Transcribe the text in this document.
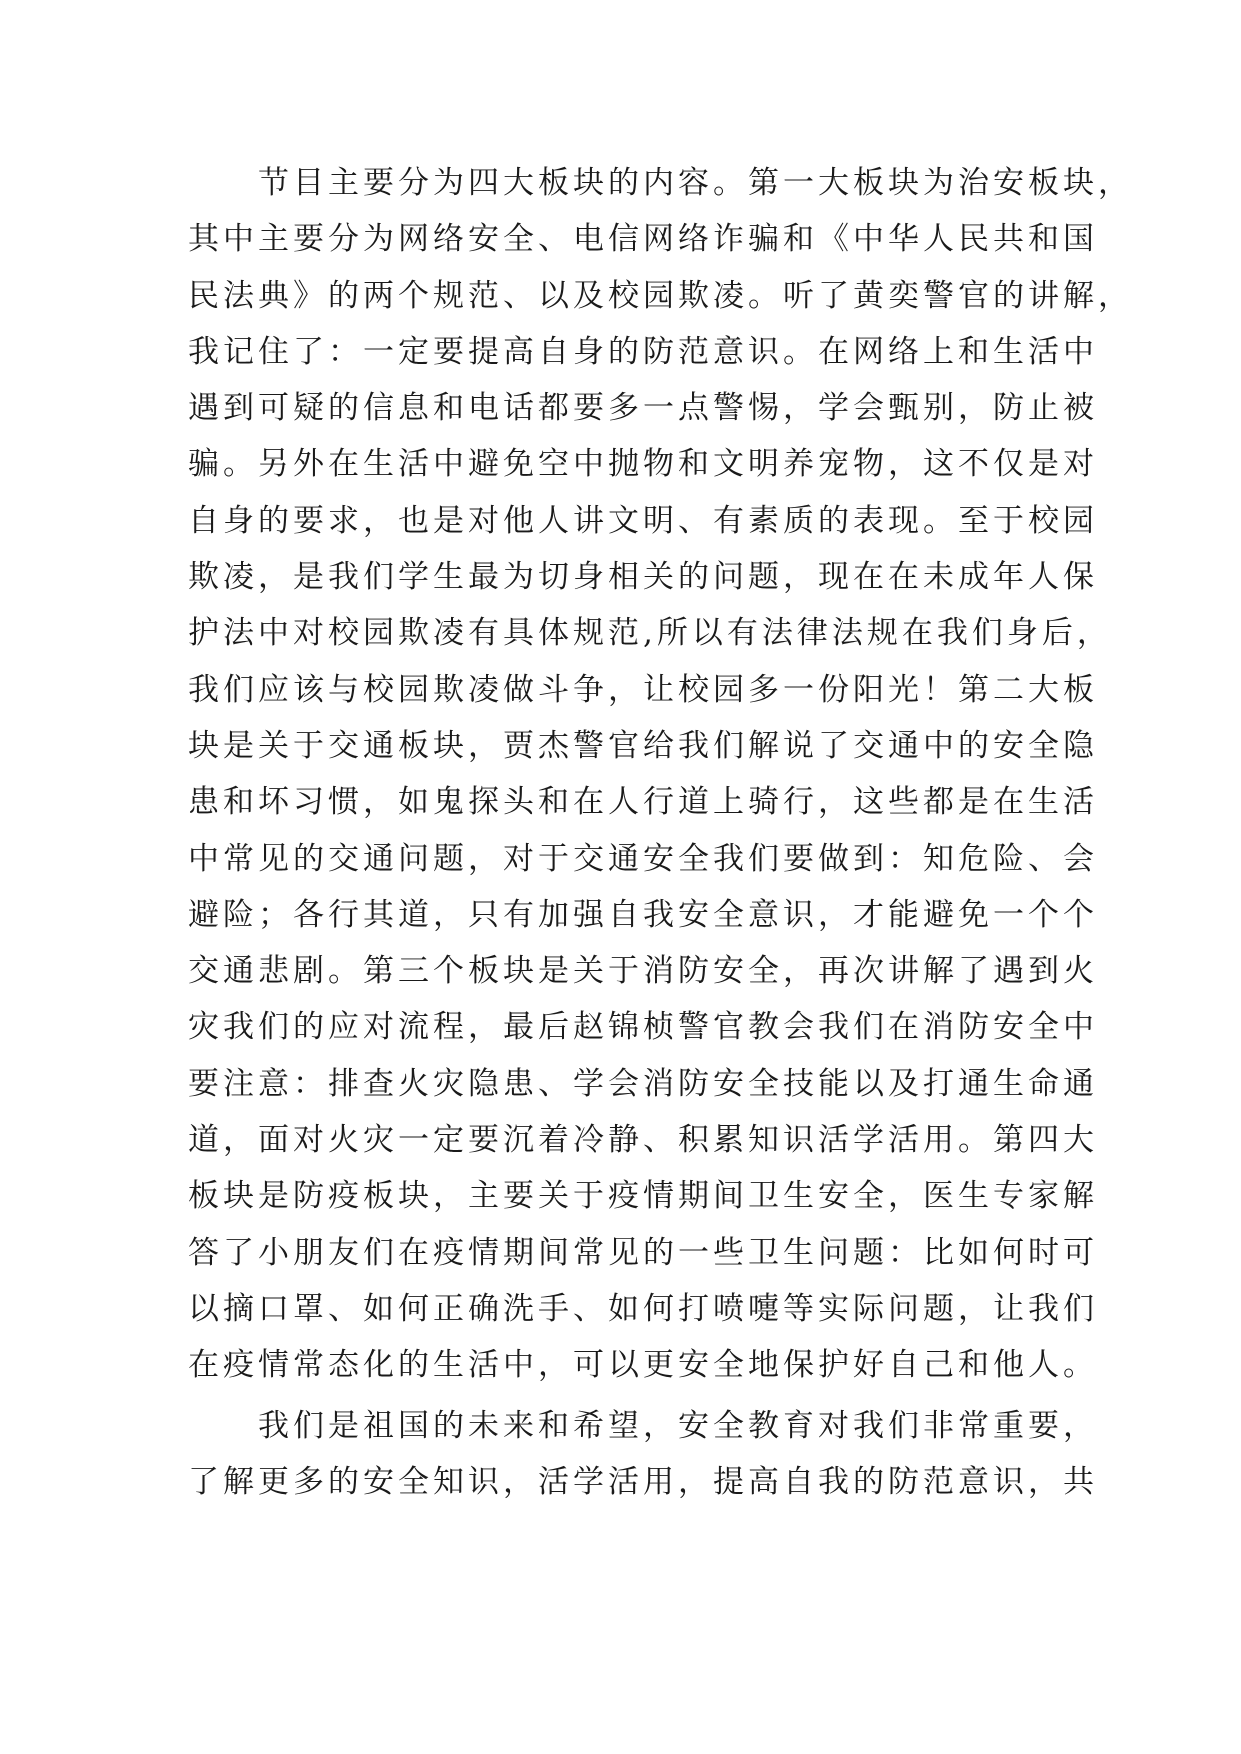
节目主要分为四大板块的内容。第一大板块为治安板块，
其中主要分为网络安全、电信网络诈骗和《中华人民共和国
民法典》的两个规范、以及校园欺凌。听了黄奕警官的讲解，
我记住了：一定要提高自身的防范意识。在网络上和生活中
遇到可疑的信息和电话都要多一点警惕，学会甄别，防止被
骗。另外在生活中避免空中抛物和文明养宠物，这不仅是对
自身的要求，也是对他人讲文明、有素质的表现。至于校园
欺凌，是我们学生最为切身相关的问题，现在在未成年人保
护法中对校园欺凌有具体规范,所以有法律法规在我们身后，
我们应该与校园欺凌做斗争，让校园多一份阳光！第二大板
块是关于交通板块，贾杰警官给我们解说了交通中的安全隐
患和坏习惯，如鬼探头和在人行道上骑行，这些都是在生活
中常见的交通问题，对于交通安全我们要做到：知危险、会
避险；各行其道，只有加强自我安全意识，才能避免一个个
交通悲剧。第三个板块是关于消防安全，再次讲解了遇到火
灾我们的应对流程，最后赵锦桢警官教会我们在消防安全中
要注意：排查火灾隐患、学会消防安全技能以及打通生命通
道，面对火灾一定要沉着冷静、积累知识活学活用。第四大
板块是防疫板块，主要关于疫情期间卫生安全，医生专家解
答了小朋友们在疫情期间常见的一些卫生问题：比如何时可
以摘口罩、如何正确洗手、如何打喷嚏等实际问题，让我们
在疫情常态化的生活中，可以更安全地保护好自己和他人。
我们是祖国的未来和希望，安全教育对我们非常重要，
了解更多的安全知识，活学活用，提高自我的防范意识，共
